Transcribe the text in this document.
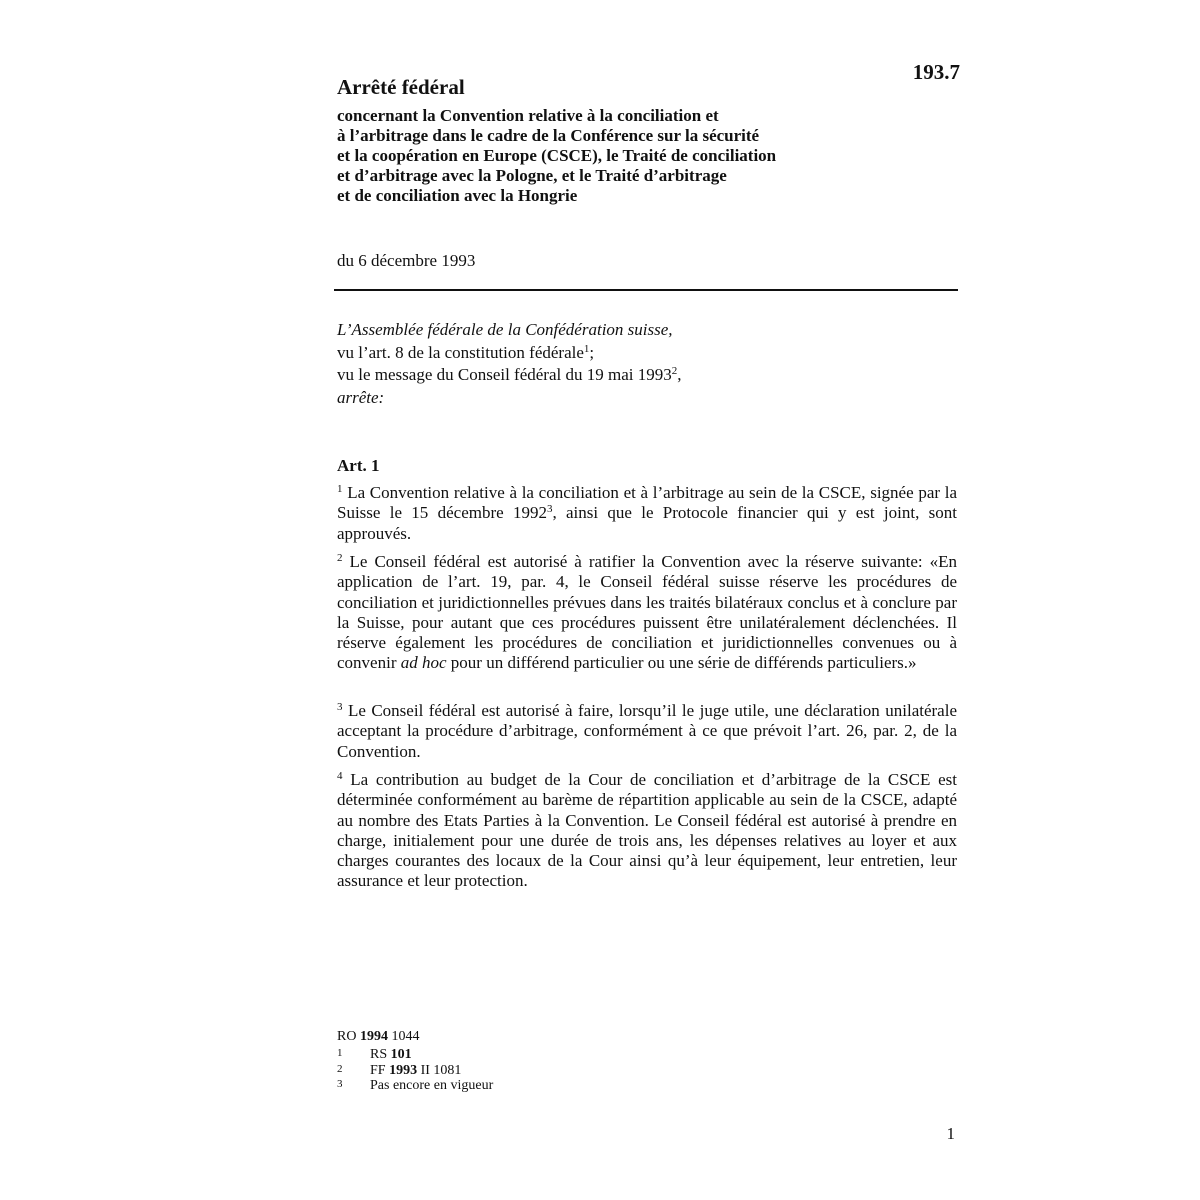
193.7
Arrêté fédéral
concernant la Convention relative à la conciliation et
à l’arbitrage dans le cadre de la Conférence sur la sécurité
et la coopération en Europe (CSCE), le Traité de conciliation
et d’arbitrage avec la Pologne, et le Traité d’arbitrage
et de conciliation avec la Hongrie
du 6 décembre 1993
L’Assemblée fédérale de la Confédération suisse,
vu l’art. 8 de la constitution fédérale$^1$;
vu le message du Conseil fédéral du 19 mai 1993$^2$,
arrête:
Art. 1

$^1$ La Convention relative à la conciliation et à l’arbitrage au sein de la CSCE, signée par la Suisse le 15 décembre 1992$^3$, ainsi que le Protocole financier qui y est joint, sont approuvés.

$^2$ Le Conseil fédéral est autorisé à ratifier la Convention avec la réserve suivante: «En application de l’art. 19, par. 4, le Conseil fédéral suisse réserve les procédures de conciliation et juridictionnelles prévues dans les traités bilatéraux conclus et à conclure par la Suisse, pour autant que ces procédures puissent être unilatéralement déclenchées. Il réserve également les procédures de conciliation et juridictionnelles convenues ou à convenir ad hoc pour un différend particulier ou une série de différends particuliers.»

$^3$ Le Conseil fédéral est autorisé à faire, lorsqu’il le juge utile, une déclaration unilatérale acceptant la procédure d’arbitrage, conformément à ce que prévoit l’art. 26, par. 2, de la Convention.

$^4$ La contribution au budget de la Cour de conciliation et d’arbitrage de la CSCE est déterminée conformément au barème de répartition applicable au sein de la CSCE, adapté au nombre des Etats Parties à la Convention. Le Conseil fédéral est autorisé à prendre en charge, initialement pour une durée de trois ans, les dépenses relatives au loyer et aux charges courantes des locaux de la Cour ainsi qu’à leur équipement, leur entretien, leur assurance et leur protection.

RO 1994 1044
1	RS 101
2	FF 1993 II 1081
3	Pas encore en vigueur
1
